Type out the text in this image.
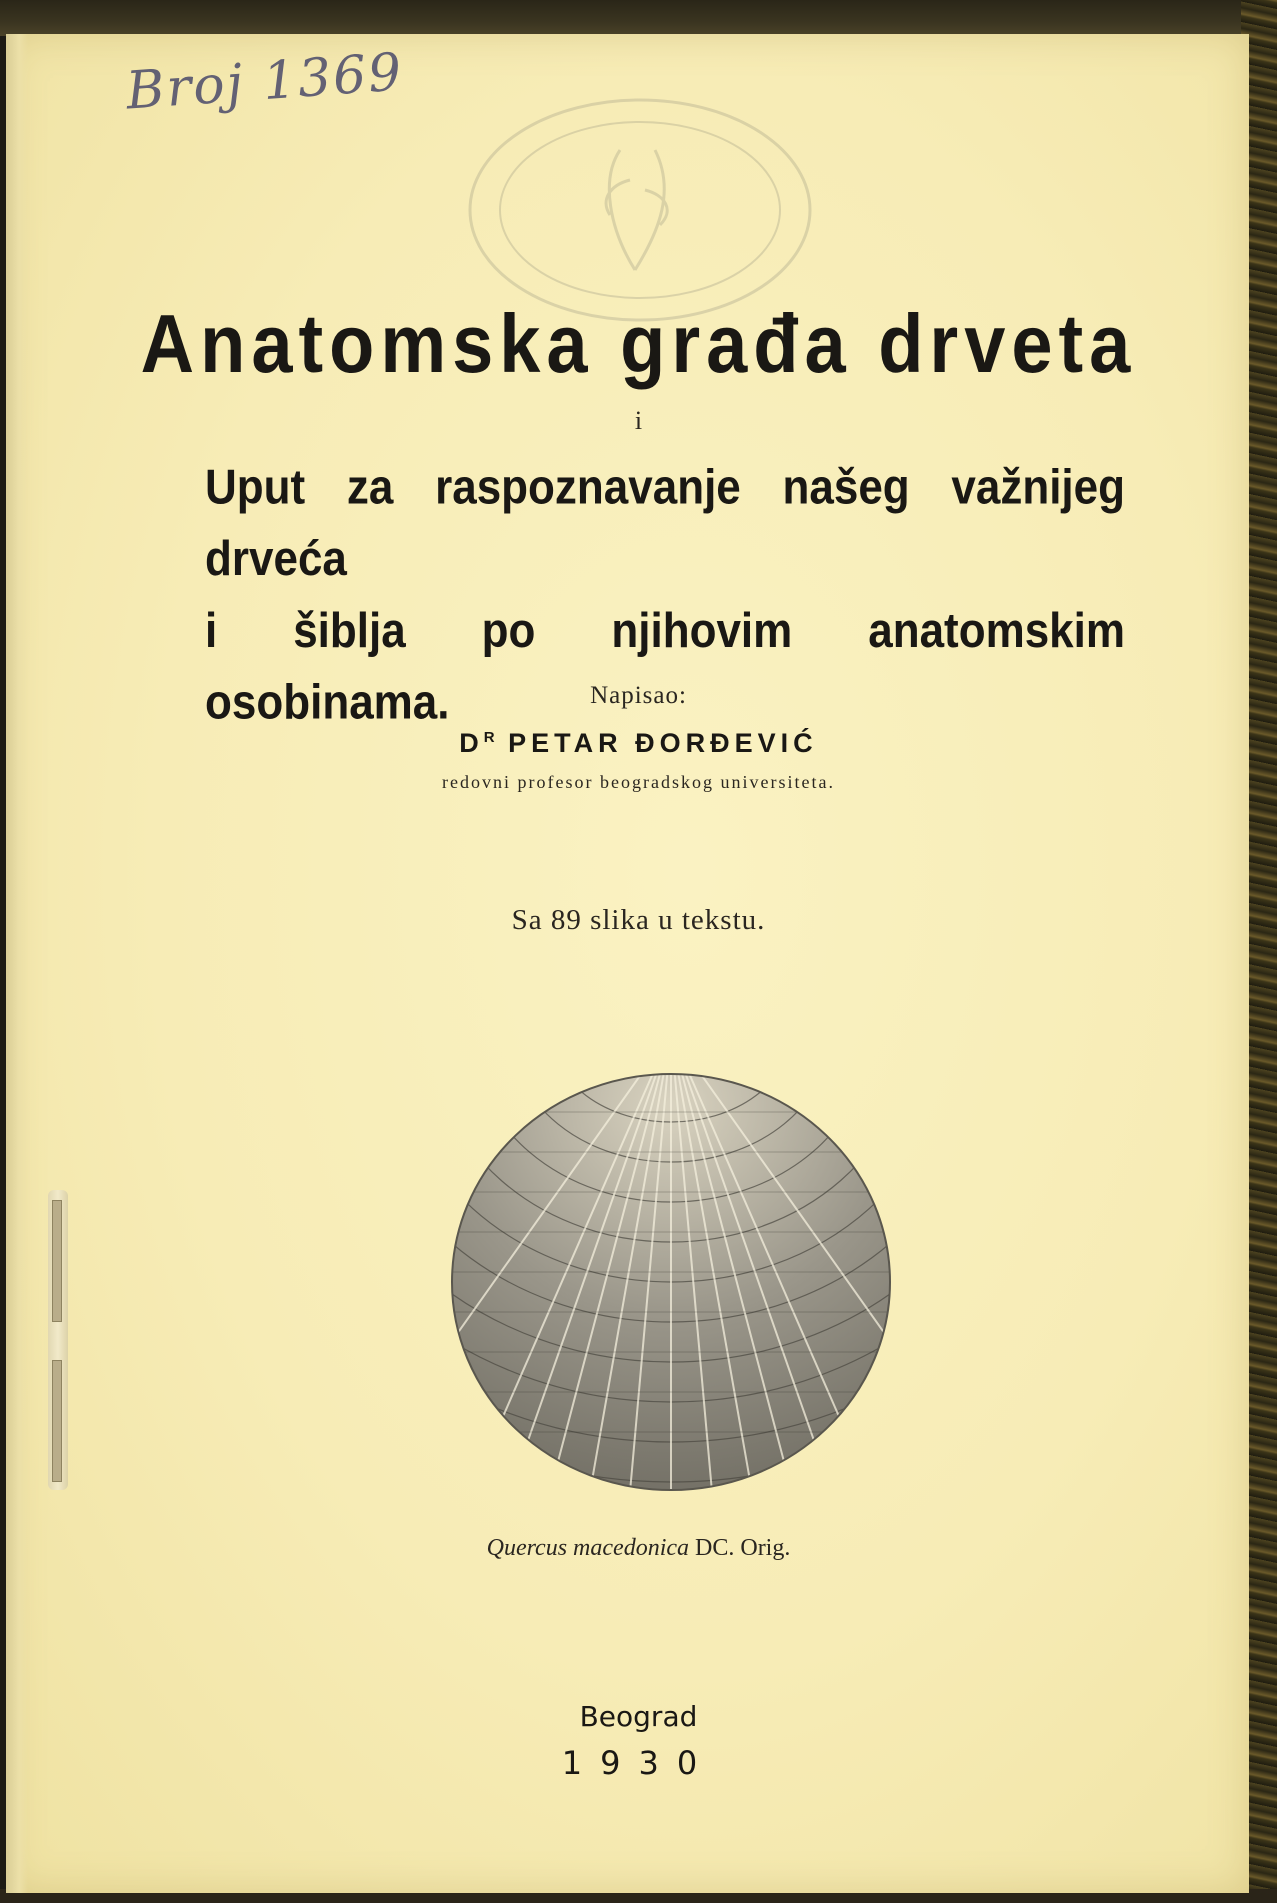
Broj 1369
Anatomska građa drveta
i
Uput za raspoznavanje našeg važnijeg drveća
i šiblja po njihovim anatomskim osobinama.	Napisao:
$D^R$ PETAR ĐORĐEVIĆ
redovni profesor beogradskog universiteta.
Sa 89 slika u tekstu.
Quercus macedonica DC. Orig.
Beograd
1930
